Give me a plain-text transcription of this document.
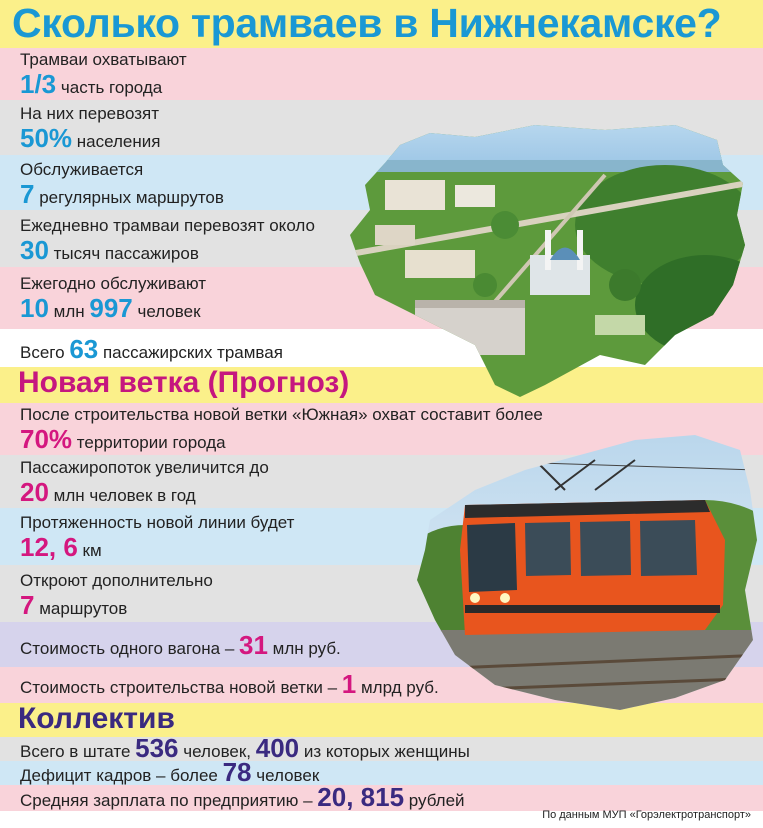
Сколько трамваев в Нижнекамске?
Трамваи охватывают
1/3 часть города
На них перевозят
50% населения
Обслуживается
7 регулярных маршрутов
Ежедневно трамваи перевозят около
30 тысяч пассажиров
Ежегодно обслуживают
10 млн 997 человек
Всего 63 пассажирских трамвая
Новая ветка (Прогноз)
После строительства новой ветки «Южная» охват составит более
70% территории города
Пассажиропоток увеличится до
20 млн человек в год
Протяженность новой линии будет
12, 6 км
Откроют дополнительно
7 маршрутов
Стоимость одного вагона – 31 млн руб.
Стоимость строительства новой ветки – 1 млрд руб.
Коллектив
Всего в штате 536 человек, 400 из которых женщины
Дефицит кадров – более 78 человек
Средняя зарплата по предприятию – 20, 815 рублей
По данным МУП «Горэлектротранспорт»
